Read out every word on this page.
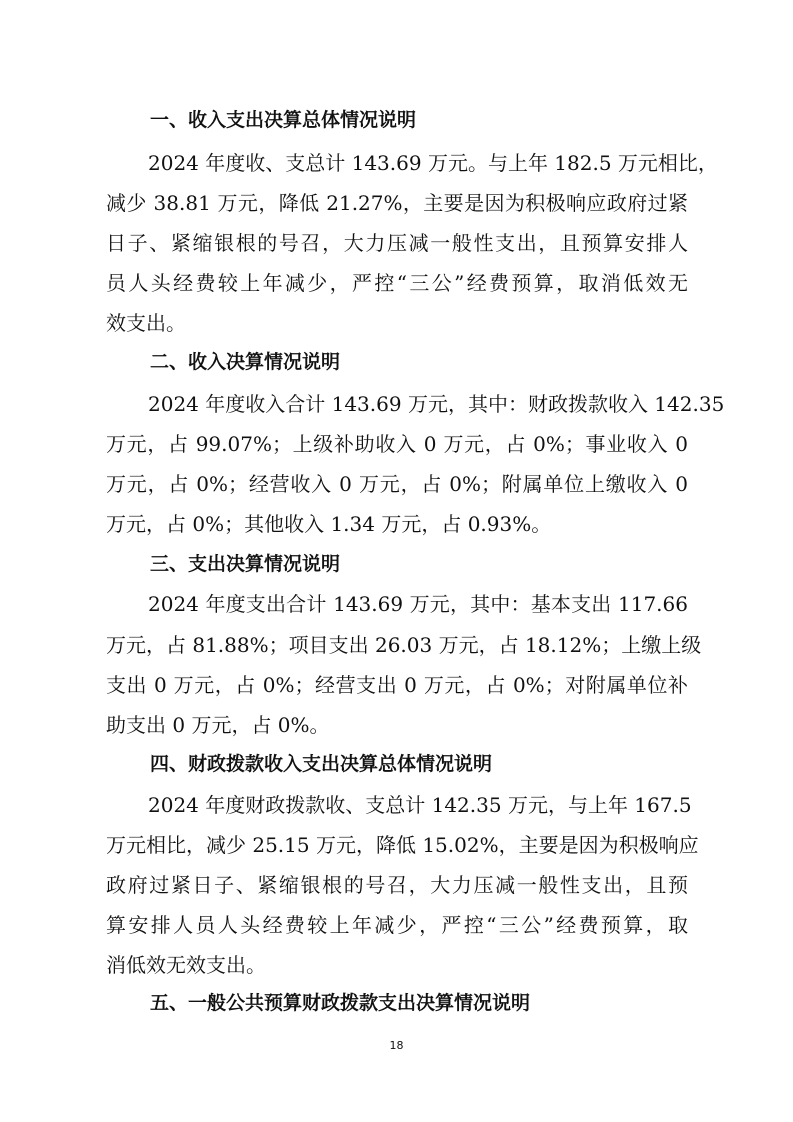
一、收入支出决算总体情况说明
2024 年度收、支总计 143.69 万元。与上年 182.5 万元相比，
减少 38.81 万元，降低 21.27%，主要是因为积极响应政府过紧
日子、紧缩银根的号召，大力压减一般性支出，且预算安排人
员人头经费较上年减少，严控“三公”经费预算，取消低效无
效支出。
二、收入决算情况说明
2024 年度收入合计 143.69 万元，其中：财政拨款收入 142.35
万元，占 99.07%；上级补助收入 0 万元，占 0%；事业收入 0
万元，占 0%；经营收入 0 万元，占 0%；附属单位上缴收入 0
万元，占 0%；其他收入 1.34 万元，占 0.93%。
三、支出决算情况说明
2024 年度支出合计 143.69 万元，其中：基本支出 117.66
万元，占 81.88%；项目支出 26.03 万元，占 18.12%；上缴上级
支出 0 万元，占 0%；经营支出 0 万元，占 0%；对附属单位补
助支出 0 万元，占 0%。
四、财政拨款收入支出决算总体情况说明
2024 年度财政拨款收、支总计 142.35 万元，与上年 167.5
万元相比，减少 25.15 万元，降低 15.02%，主要是因为积极响应
政府过紧日子、紧缩银根的号召，大力压减一般性支出，且预
算安排人员人头经费较上年减少，严控“三公”经费预算，取
消低效无效支出。
五、一般公共预算财政拨款支出决算情况说明
18
